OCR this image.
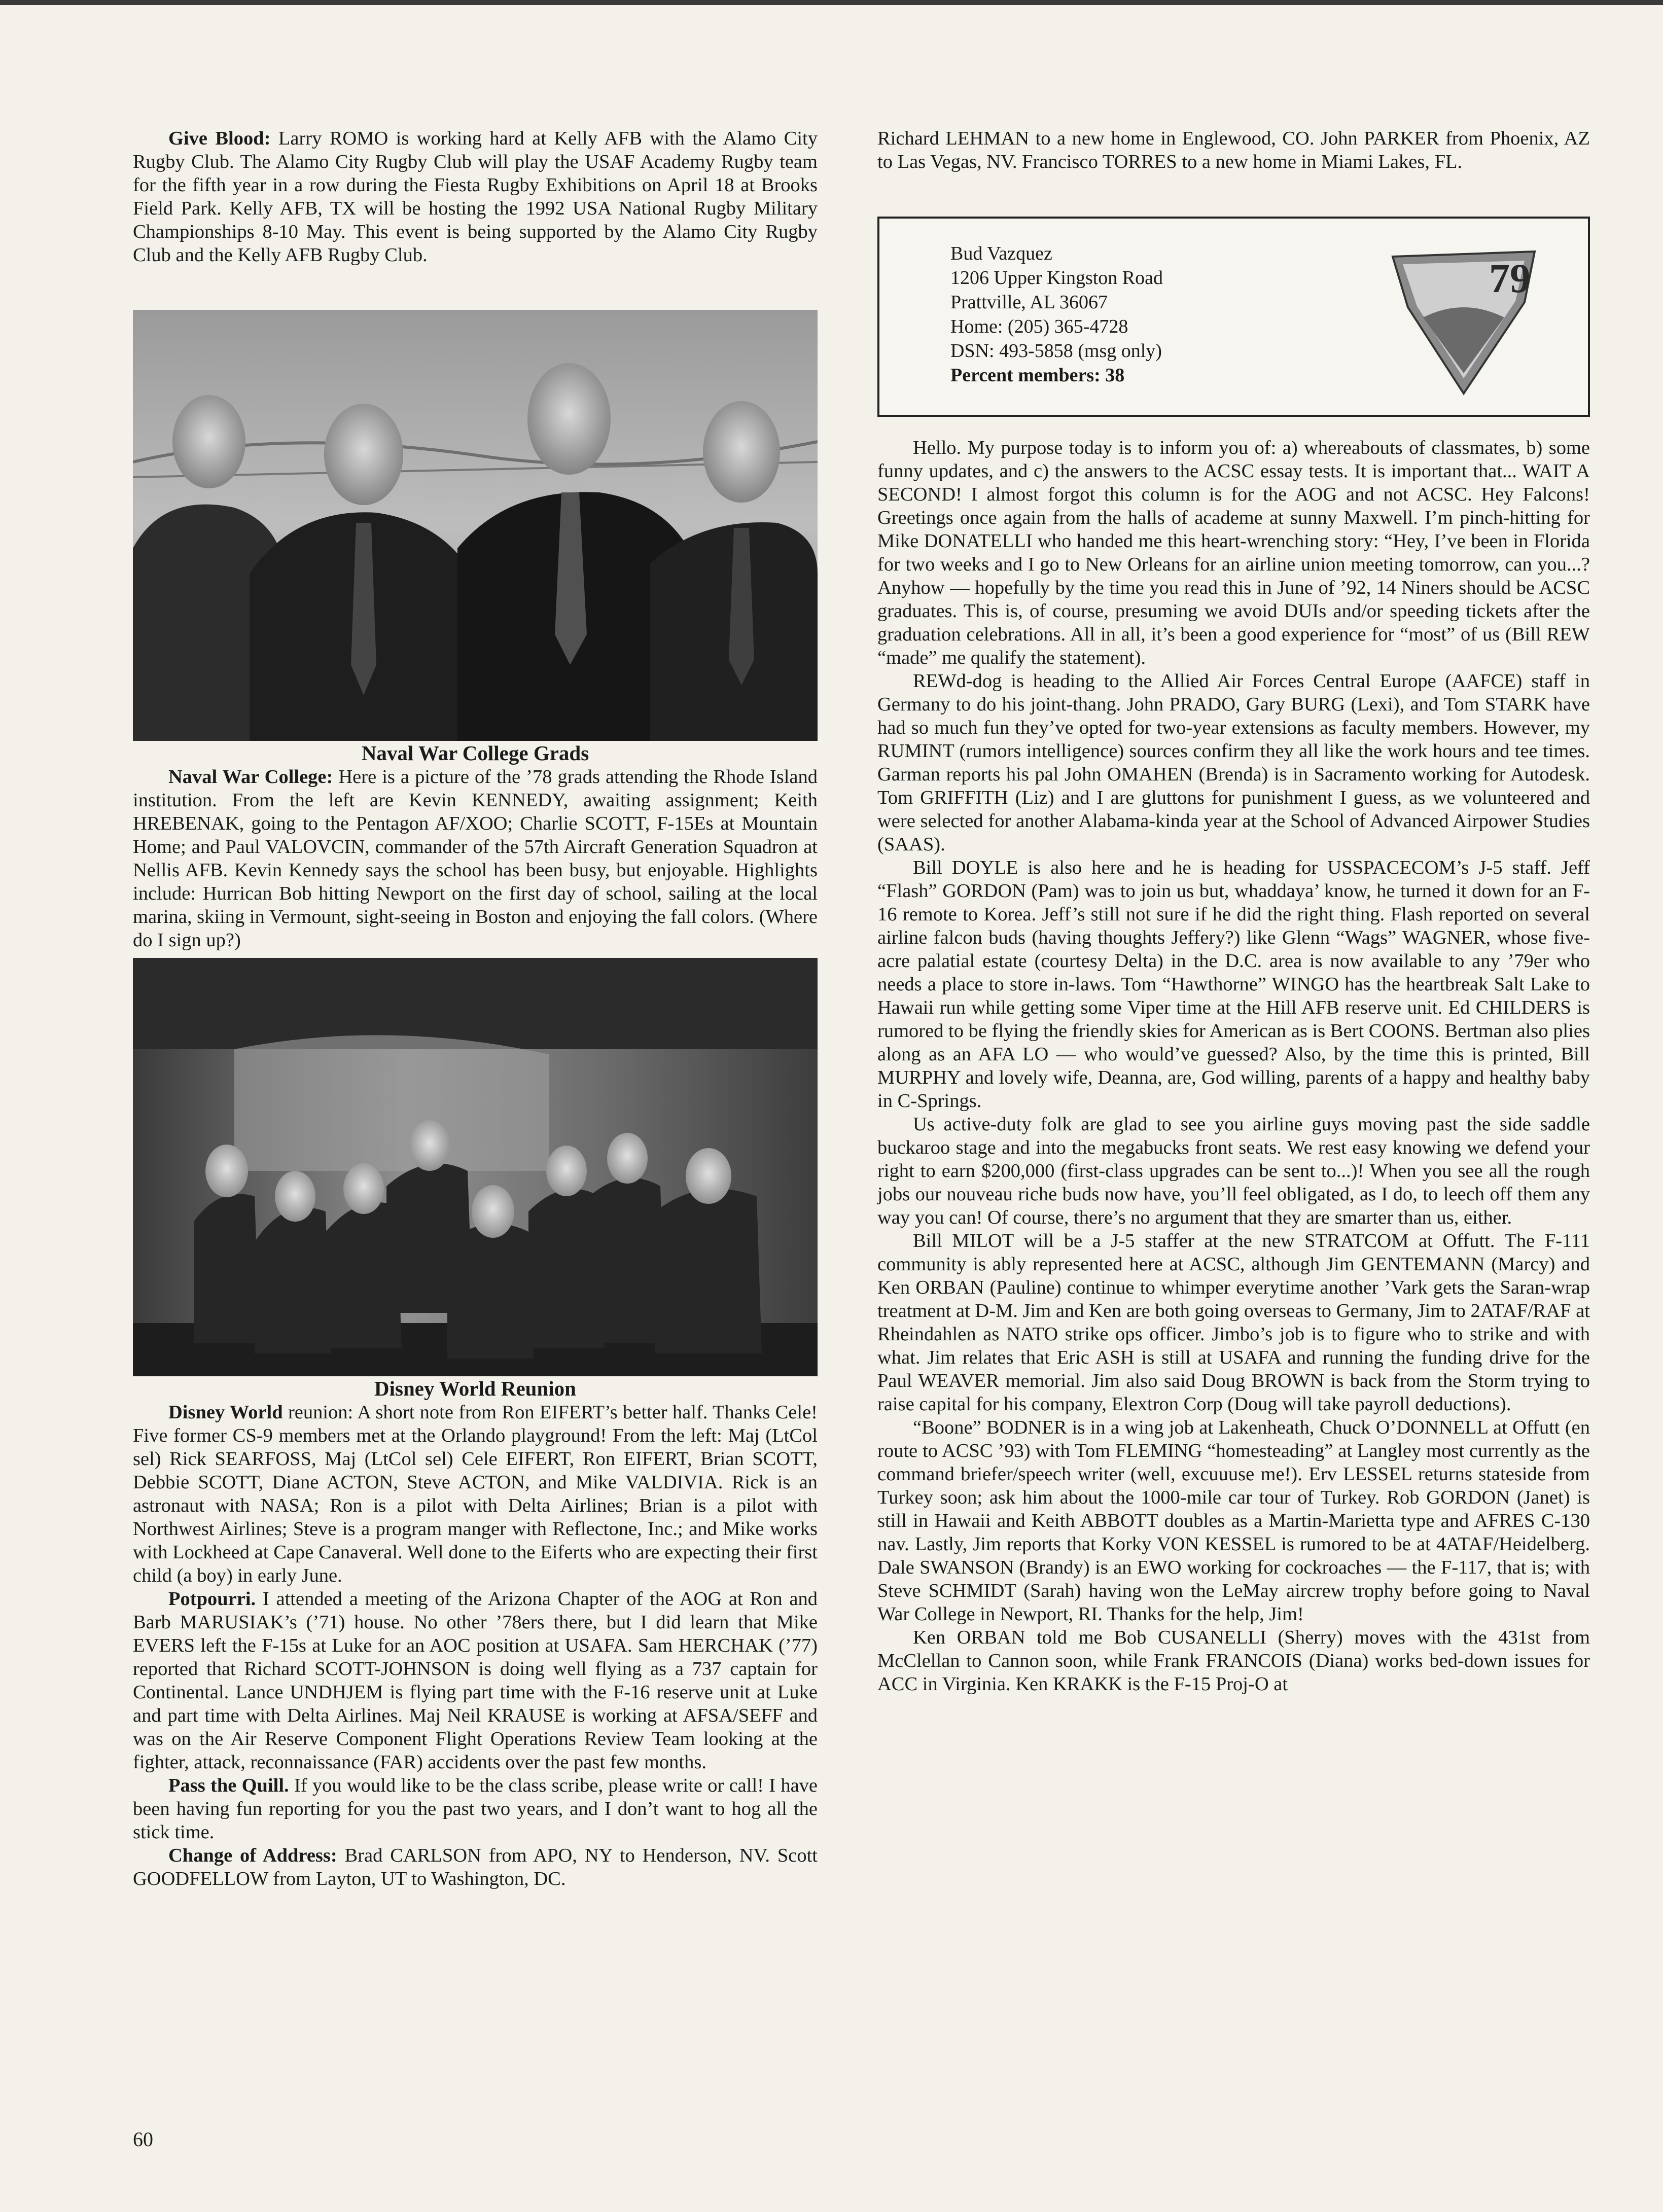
Give Blood: Larry ROMO is working hard at Kelly AFB with the Alamo City Rugby Club. The Alamo City Rugby Club will play the USAF Academy Rugby team for the fifth year in a row during the Fiesta Rugby Exhibitions on April 18 at Brooks Field Park. Kelly AFB, TX will be hosting the 1992 USA National Rugby Military Championships 8-10 May. This event is being supported by the Alamo City Rugby Club and the Kelly AFB Rugby Club.

Naval War College Grads

Naval War College: Here is a picture of the ’78 grads attending the Rhode Island institution. From the left are Kevin KENNEDY, awaiting assignment; Keith HREBENAK, going to the Pentagon AF/XOO; Charlie SCOTT, F-15Es at Mountain Home; and Paul VALOVCIN, commander of the 57th Aircraft Generation Squadron at Nellis AFB. Kevin Kennedy says the school has been busy, but enjoyable. Highlights include: Hurrican Bob hitting Newport on the first day of school, sailing at the local marina, skiing in Vermount, sight-seeing in Boston and enjoying the fall colors. (Where do I sign up?)

Disney World Reunion

Disney World reunion: A short note from Ron EIFERT’s better half. Thanks Cele! Five former CS-9 members met at the Orlando playground! From the left: Maj (LtCol sel) Rick SEARFOSS, Maj (LtCol sel) Cele EIFERT, Ron EIFERT, Brian SCOTT, Debbie SCOTT, Diane ACTON, Steve ACTON, and Mike VALDIVIA. Rick is an astronaut with NASA; Ron is a pilot with Delta Airlines; Brian is a pilot with Northwest Airlines; Steve is a program manger with Reflectone, Inc.; and Mike works with Lockheed at Cape Canaveral. Well done to the Eiferts who are expecting their first child (a boy) in early June.

Potpourri. I attended a meeting of the Arizona Chapter of the AOG at Ron and Barb MARUSIAK’s (’71) house. No other ’78ers there, but I did learn that Mike EVERS left the F-15s at Luke for an AOC position at USAFA. Sam HERCHAK (’77) reported that Richard SCOTT-JOHNSON is doing well flying as a 737 captain for Continental. Lance UNDHJEM is flying part time with the F-16 reserve unit at Luke and part time with Delta Airlines. Maj Neil KRAUSE is working at AFSA/SEFF and was on the Air Reserve Component Flight Operations Review Team looking at the fighter, attack, reconnaissance (FAR) accidents over the past few months.

Pass the Quill. If you would like to be the class scribe, please write or call! I have been having fun reporting for you the past two years, and I don’t want to hog all the stick time.

Change of Address: Brad CARLSON from APO, NY to Henderson, NV. Scott GOODFELLOW from Layton, UT to Washington, DC.

Richard LEHMAN to a new home in Englewood, CO. John PARKER from Phoenix, AZ to Las Vegas, NV. Francisco TORRES to a new home in Miami Lakes, FL.

Bud Vazquez
1206 Upper Kingston Road
Prattville, AL 36067
Home: (205) 365-4728
DSN: 493-5858 (msg only)
Percent members: 38
79

Hello. My purpose today is to inform you of: a) whereabouts of classmates, b) some funny updates, and c) the answers to the ACSC essay tests. It is important that... WAIT A SECOND! I almost forgot this column is for the AOG and not ACSC. Hey Falcons! Greetings once again from the halls of academe at sunny Maxwell. I’m pinch-hitting for Mike DONATELLI who handed me this heart-wrenching story: “Hey, I’ve been in Florida for two weeks and I go to New Orleans for an airline union meeting tomorrow, can you...? Anyhow — hopefully by the time you read this in June of ’92, 14 Niners should be ACSC graduates. This is, of course, presuming we avoid DUIs and/or speeding tickets after the graduation celebrations. All in all, it’s been a good experience for “most” of us (Bill REW “made” me qualify the statement).

REWd-dog is heading to the Allied Air Forces Central Europe (AAFCE) staff in Germany to do his joint-thang. John PRADO, Gary BURG (Lexi), and Tom STARK have had so much fun they’ve opted for two-year extensions as faculty members. However, my RUMINT (rumors intelligence) sources confirm they all like the work hours and tee times. Garman reports his pal John OMAHEN (Brenda) is in Sacramento working for Autodesk. Tom GRIFFITH (Liz) and I are gluttons for punishment I guess, as we volunteered and were selected for another Alabama-kinda year at the School of Advanced Airpower Studies (SAAS).

Bill DOYLE is also here and he is heading for USSPACECOM’s J-5 staff. Jeff “Flash” GORDON (Pam) was to join us but, whaddaya’ know, he turned it down for an F-16 remote to Korea. Jeff’s still not sure if he did the right thing. Flash reported on several airline falcon buds (having thoughts Jeffery?) like Glenn “Wags” WAGNER, whose five-acre palatial estate (courtesy Delta) in the D.C. area is now available to any ’79er who needs a place to store in-laws. Tom “Hawthorne” WINGO has the heartbreak Salt Lake to Hawaii run while getting some Viper time at the Hill AFB reserve unit. Ed CHILDERS is rumored to be flying the friendly skies for American as is Bert COONS. Bertman also plies along as an AFA LO — who would’ve guessed? Also, by the time this is printed, Bill MURPHY and lovely wife, Deanna, are, God willing, parents of a happy and healthy baby in C-Springs.

Us active-duty folk are glad to see you airline guys moving past the side saddle buckaroo stage and into the megabucks front seats. We rest easy knowing we defend your right to earn $200,000 (first-class upgrades can be sent to...)! When you see all the rough jobs our nouveau riche buds now have, you’ll feel obligated, as I do, to leech off them any way you can! Of course, there’s no argument that they are smarter than us, either.

Bill MILOT will be a J-5 staffer at the new STRATCOM at Offutt. The F-111 community is ably represented here at ACSC, although Jim GENTEMANN (Marcy) and Ken ORBAN (Pauline) continue to whimper everytime another ’Vark gets the Saran-wrap treatment at D-M. Jim and Ken are both going overseas to Germany, Jim to 2ATAF/RAF at Rheindahlen as NATO strike ops officer. Jimbo’s job is to figure who to strike and with what. Jim relates that Eric ASH is still at USAFA and running the funding drive for the Paul WEAVER memorial. Jim also said Doug BROWN is back from the Storm trying to raise capital for his company, Elextron Corp (Doug will take payroll deductions).

“Boone” BODNER is in a wing job at Lakenheath, Chuck O’DONNELL at Offutt (en route to ACSC ’93) with Tom FLEMING “homesteading” at Langley most currently as the command briefer/speech writer (well, excuuuse me!). Erv LESSEL returns stateside from Turkey soon; ask him about the 1000-mile car tour of Turkey. Rob GORDON (Janet) is still in Hawaii and Keith ABBOTT doubles as a Martin-Marietta type and AFRES C-130 nav. Lastly, Jim reports that Korky VON KESSEL is rumored to be at 4ATAF/Heidelberg. Dale SWANSON (Brandy) is an EWO working for cockroaches — the F-117, that is; with Steve SCHMIDT (Sarah) having won the LeMay aircrew trophy before going to Naval War College in Newport, RI. Thanks for the help, Jim!

Ken ORBAN told me Bob CUSANELLI (Sherry) moves with the 431st from McClellan to Cannon soon, while Frank FRANCOIS (Diana) works bed-down issues for ACC in Virginia. Ken KRAKK is the F-15 Proj-O at

60
